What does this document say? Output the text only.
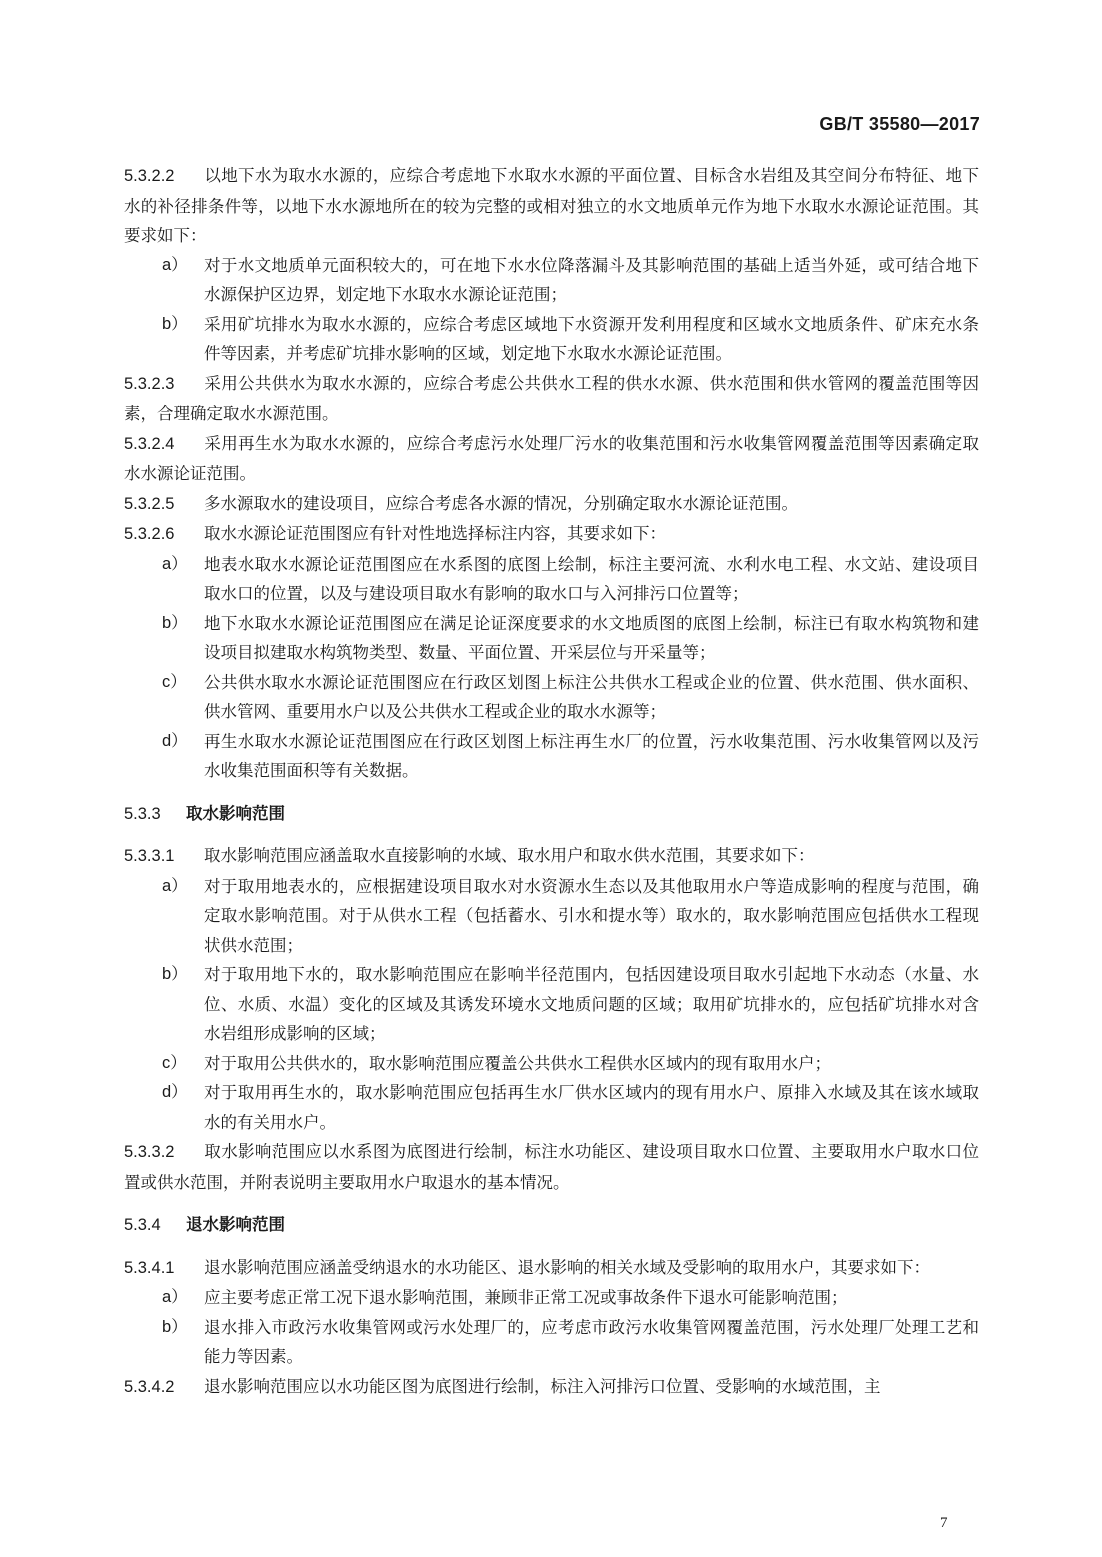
GB/T 35580—2017
5.3.2.2 以地下水为取水水源的，应综合考虑地下水取水水源的平面位置、目标含水岩组及其空间分布特征、地下水的补径排条件等，以地下水水源地所在的较为完整的或相对独立的水文地质单元作为地下水取水水源论证范围。其要求如下：
a） 对于水文地质单元面积较大的，可在地下水水位降落漏斗及其影响范围的基础上适当外延，或可结合地下水源保护区边界，划定地下水取水水源论证范围；
b） 采用矿坑排水为取水水源的，应综合考虑区域地下水资源开发利用程度和区域水文地质条件、矿床充水条件等因素，并考虑矿坑排水影响的区域，划定地下水取水水源论证范围。
5.3.2.3 采用公共供水为取水水源的，应综合考虑公共供水工程的供水水源、供水范围和供水管网的覆盖范围等因素，合理确定取水水源范围。
5.3.2.4 采用再生水为取水水源的，应综合考虑污水处理厂污水的收集范围和污水收集管网覆盖范围等因素确定取水水源论证范围。
5.3.2.5 多水源取水的建设项目，应综合考虑各水源的情况，分别确定取水水源论证范围。
5.3.2.6 取水水源论证范围图应有针对性地选择标注内容，其要求如下：
a） 地表水取水水源论证范围图应在水系图的底图上绘制，标注主要河流、水利水电工程、水文站、建设项目取水口的位置，以及与建设项目取水有影响的取水口与入河排污口位置等；
b） 地下水取水水源论证范围图应在满足论证深度要求的水文地质图的底图上绘制，标注已有取水构筑物和建设项目拟建取水构筑物类型、数量、平面位置、开采层位与开采量等；
c） 公共供水取水水源论证范围图应在行政区划图上标注公共供水工程或企业的位置、供水范围、供水面积、供水管网、重要用水户以及公共供水工程或企业的取水水源等；
d） 再生水取水水源论证范围图应在行政区划图上标注再生水厂的位置，污水收集范围、污水收集管网以及污水收集范围面积等有关数据。
5.3.3 取水影响范围
5.3.3.1 取水影响范围应涵盖取水直接影响的水域、取水用户和取水供水范围，其要求如下：
a） 对于取用地表水的，应根据建设项目取水对水资源水生态以及其他取用水户等造成影响的程度与范围，确定取水影响范围。对于从供水工程（包括蓄水、引水和提水等）取水的，取水影响范围应包括供水工程现状供水范围；
b） 对于取用地下水的，取水影响范围应在影响半径范围内，包括因建设项目取水引起地下水动态（水量、水位、水质、水温）变化的区域及其诱发环境水文地质问题的区域；取用矿坑排水的，应包括矿坑排水对含水岩组形成影响的区域；
c） 对于取用公共供水的，取水影响范围应覆盖公共供水工程供水区域内的现有取用水户；
d） 对于取用再生水的，取水影响范围应包括再生水厂供水区域内的现有用水户、原排入水域及其在该水域取水的有关用水户。
5.3.3.2 取水影响范围应以水系图为底图进行绘制，标注水功能区、建设项目取水口位置、主要取用水户取水口位置或供水范围，并附表说明主要取用水户取退水的基本情况。
5.3.4 退水影响范围
5.3.4.1 退水影响范围应涵盖受纳退水的水功能区、退水影响的相关水域及受影响的取用水户，其要求如下：
a） 应主要考虑正常工况下退水影响范围，兼顾非正常工况或事故条件下退水可能影响范围；
b） 退水排入市政污水收集管网或污水处理厂的，应考虑市政污水收集管网覆盖范围，污水处理厂处理工艺和能力等因素。
5.3.4.2 退水影响范围应以水功能区图为底图进行绘制，标注入河排污口位置、受影响的水域范围，主
7
